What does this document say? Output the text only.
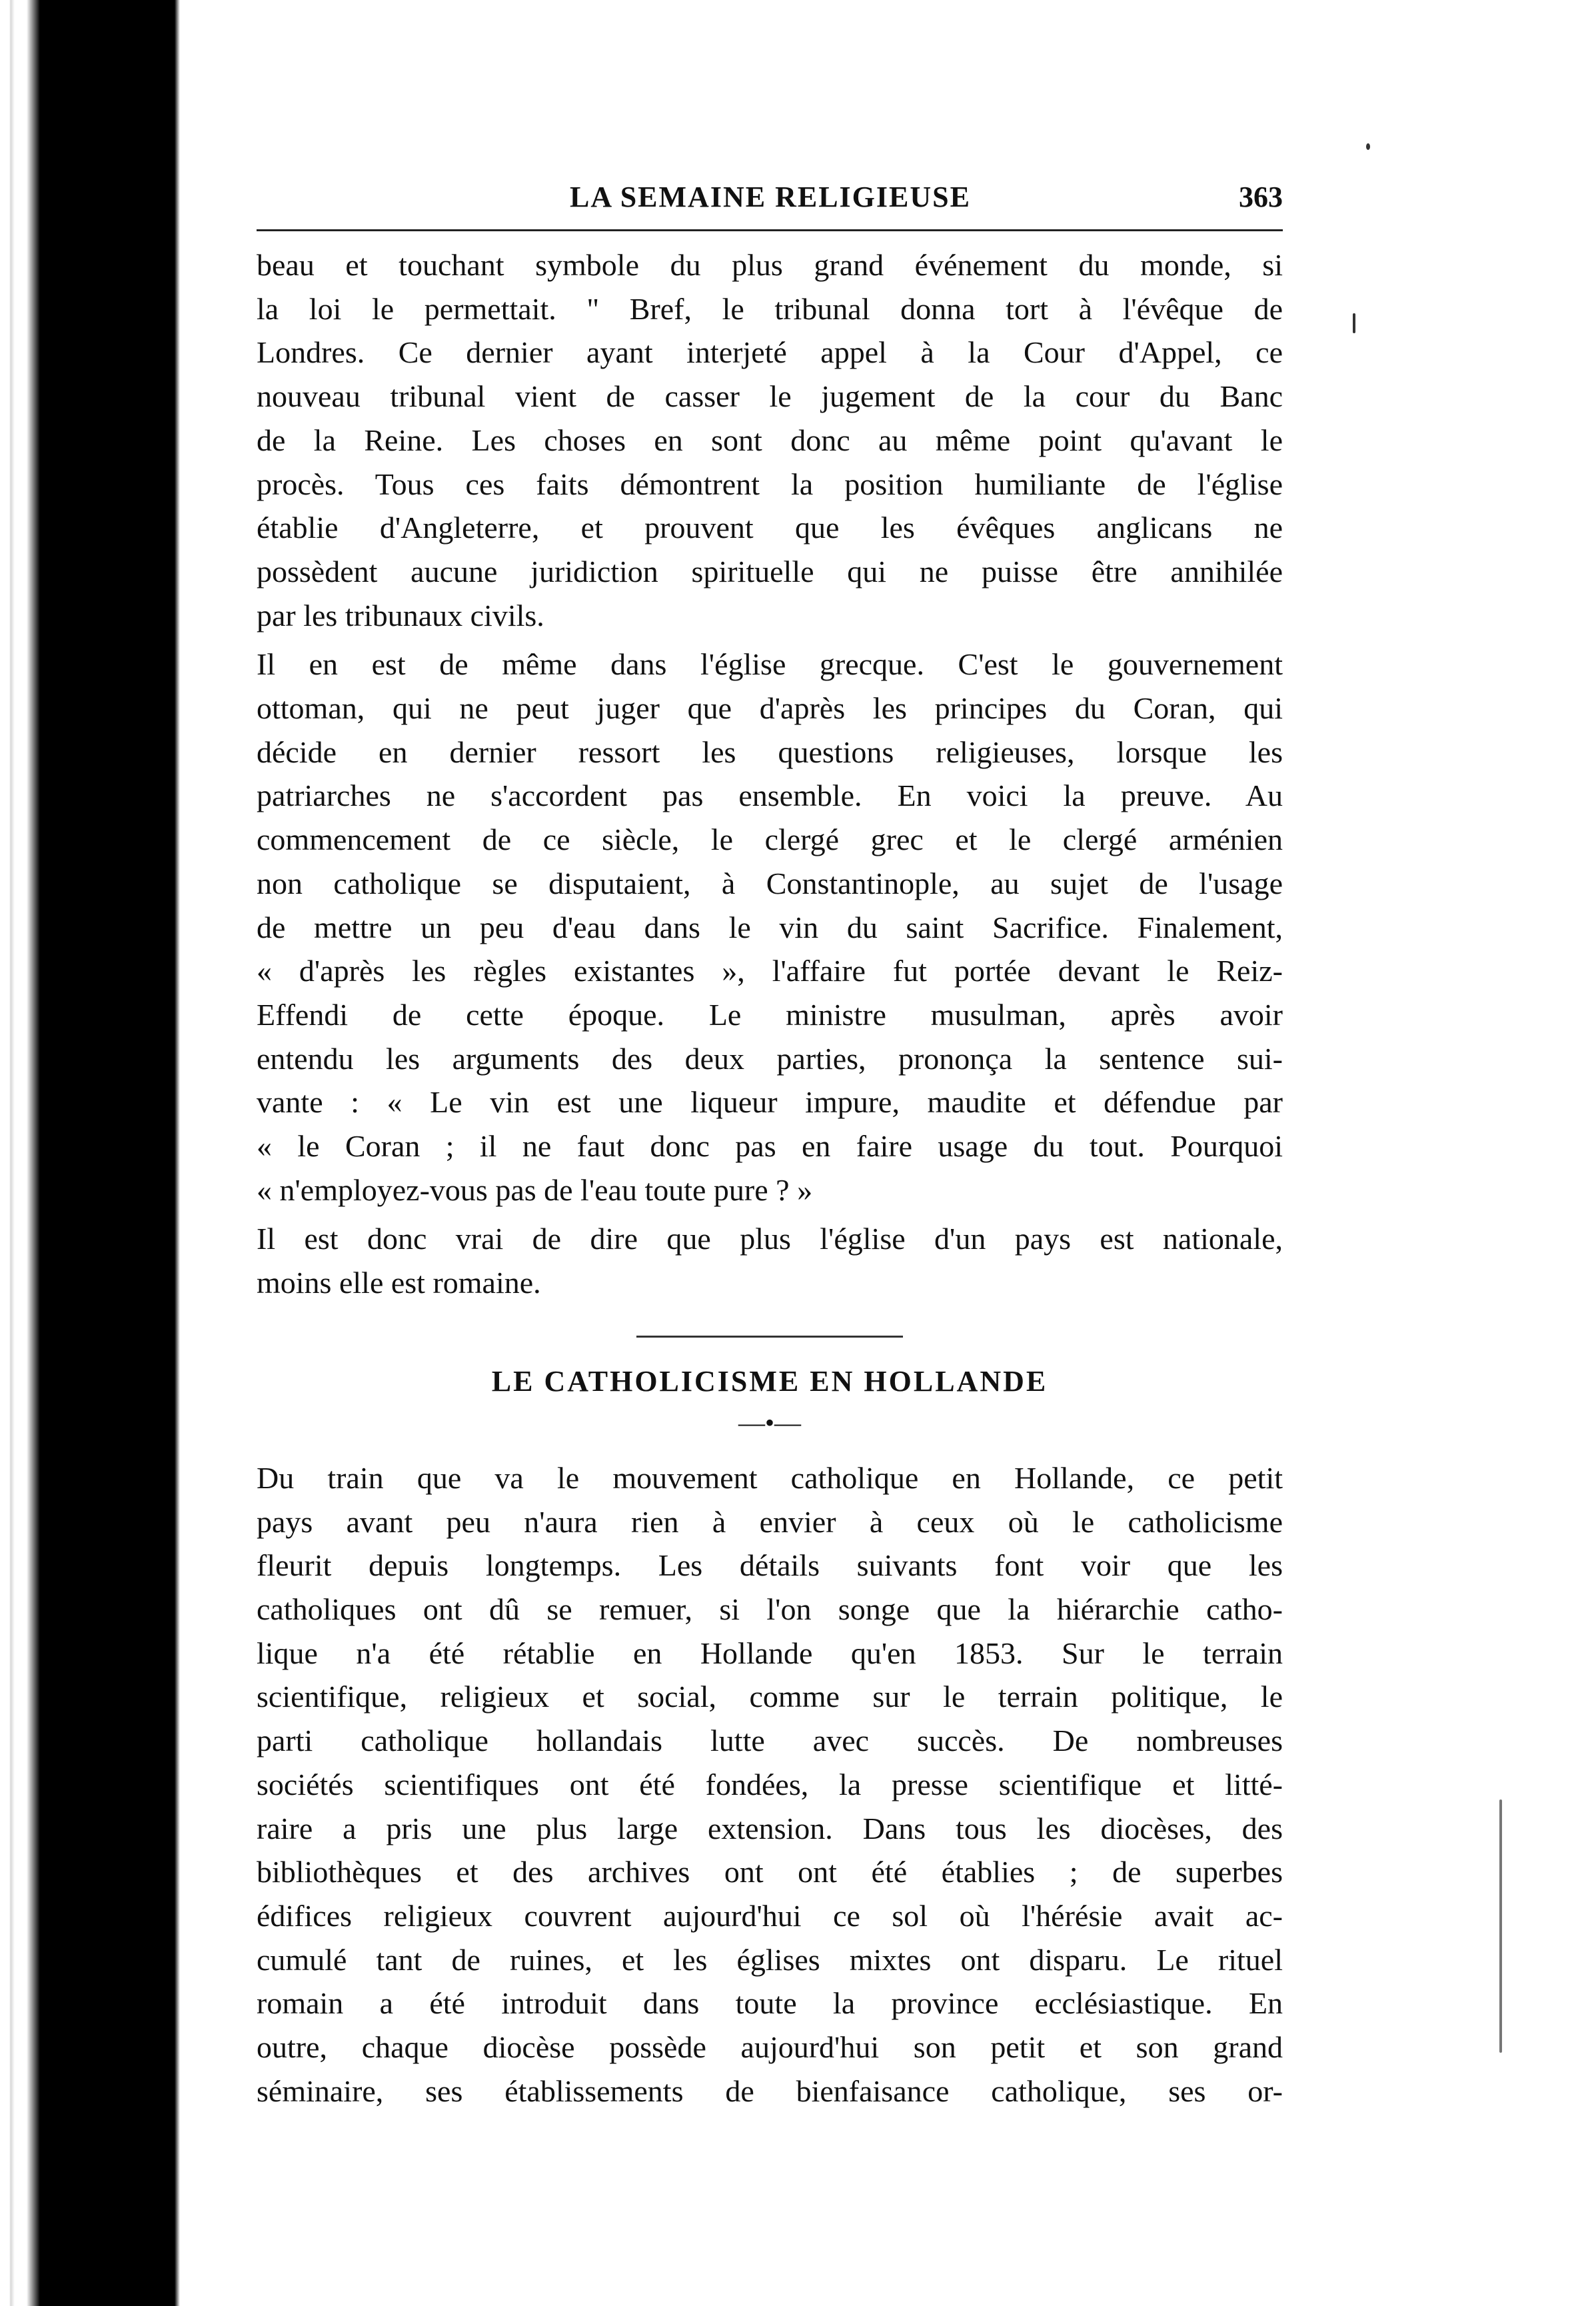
LA SEMAINE RELIGIEUSE	363
beau et touchant symbole du plus grand événement du monde, si
la loi le permettait. " Bref, le tribunal donna tort à l'évêque de
Londres. Ce dernier ayant interjeté appel à la Cour d'Appel, ce
nouveau tribunal vient de casser le jugement de la cour du Banc
de la Reine. Les choses en sont donc au même point qu'avant le
procès. Tous ces faits démontrent la position humiliante de l'église
établie d'Angleterre, et prouvent que les évêques anglicans ne
possèdent aucune juridiction spirituelle qui ne puisse être annihilée
par les tribunaux civils.
Il en est de même dans l'église grecque. C'est le gouvernement
ottoman, qui ne peut juger que d'après les principes du Coran, qui
décide en dernier ressort les questions religieuses, lorsque les
patriarches ne s'accordent pas ensemble. En voici la preuve. Au
commencement de ce siècle, le clergé grec et le clergé arménien
non catholique se disputaient, à Constantinople, au sujet de l'usage
de mettre un peu d'eau dans le vin du saint Sacrifice. Finalement,
« d'après les règles existantes », l'affaire fut portée devant le Reiz-
Effendi de cette époque. Le ministre musulman, après avoir
entendu les arguments des deux parties, prononça la sentence sui-
vante : « Le vin est une liqueur impure, maudite et défendue par
« le Coran ; il ne faut donc pas en faire usage du tout. Pourquoi
« n'employez-vous pas de l'eau toute pure ? »
Il est donc vrai de dire que plus l'église d'un pays est nationale,
moins elle est romaine.
LE CATHOLICISME EN HOLLANDE
—•—
Du train que va le mouvement catholique en Hollande, ce petit
pays avant peu n'aura rien à envier à ceux où le catholicisme
fleurit depuis longtemps. Les détails suivants font voir que les
catholiques ont dû se remuer, si l'on songe que la hiérarchie catho-
lique n'a été rétablie en Hollande qu'en 1853. Sur le terrain
scientifique, religieux et social, comme sur le terrain politique, le
parti catholique hollandais lutte avec succès. De nombreuses
sociétés scientifiques ont été fondées, la presse scientifique et litté-
raire a pris une plus large extension. Dans tous les diocèses, des
bibliothèques et des archives ont ont été établies ; de superbes
édifices religieux couvrent aujourd'hui ce sol où l'hérésie avait ac-
cumulé tant de ruines, et les églises mixtes ont disparu. Le rituel
romain a été introduit dans toute la province ecclésiastique. En
outre, chaque diocèse possède aujourd'hui son petit et son grand
séminaire, ses établissements de bienfaisance catholique, ses or-
